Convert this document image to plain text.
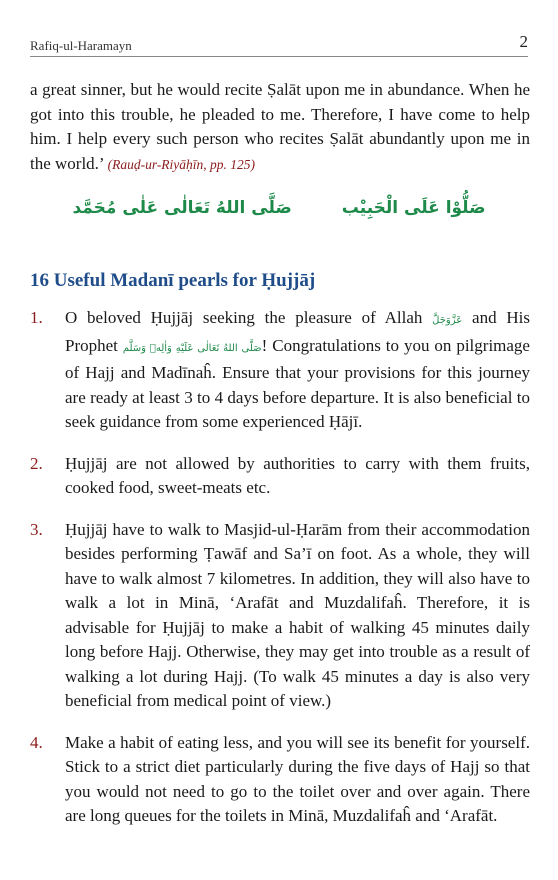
Rafiq-ul-Haramayn	2

a great sinner, but he would recite Ṣalāt upon me in abundance. When he got into this trouble, he pleaded to me. Therefore, I have come to help him. I help every such person who recites Ṣalāt abundantly upon me in the world.’ (Rauḍ-ur-Riyāḥīn, pp. 125)

صَلُّوْا عَلَى الْحَبِيْب صَلَّى اللهُ تَعَالٰى عَلٰى مُحَمَّد
16 Useful Madanī pearls for Ḥujjāj
1. O beloved Ḥujjāj seeking the pleasure of Allah عَزَّوَجَلَّ and His Prophet صَلَّى اللهُ تَعَالٰى عَلَيْهِ وَاٰلِهٖ وَسَلَّم! Congratulations to you on pilgrimage of Hajj and Madīnaĥ. Ensure that your provisions for this journey are ready at least 3 to 4 days before departure. It is also beneficial to seek guidance from some experienced Ḥājī.
2. Ḥujjāj are not allowed by authorities to carry with them fruits, cooked food, sweet-meats etc.
3. Ḥujjāj have to walk to Masjid-ul-Ḥarām from their accommodation besides performing Ṭawāf and Sa’ī on foot. As a whole, they will have to walk almost 7 kilometres. In addition, they will also have to walk a lot in Minā, ‘Arafāt and Muzdalifaĥ. Therefore, it is advisable for Ḥujjāj to make a habit of walking 45 minutes daily long before Hajj. Otherwise, they may get into trouble as a result of walking a lot during Hajj. (To walk 45 minutes a day is also very beneficial from medical point of view.)
4. Make a habit of eating less, and you will see its benefit for yourself. Stick to a strict diet particularly during the five days of Hajj so that you would not need to go to the toilet over and over again. There are long queues for the toilets in Minā, Muzdalifaĥ and ‘Arafāt.
